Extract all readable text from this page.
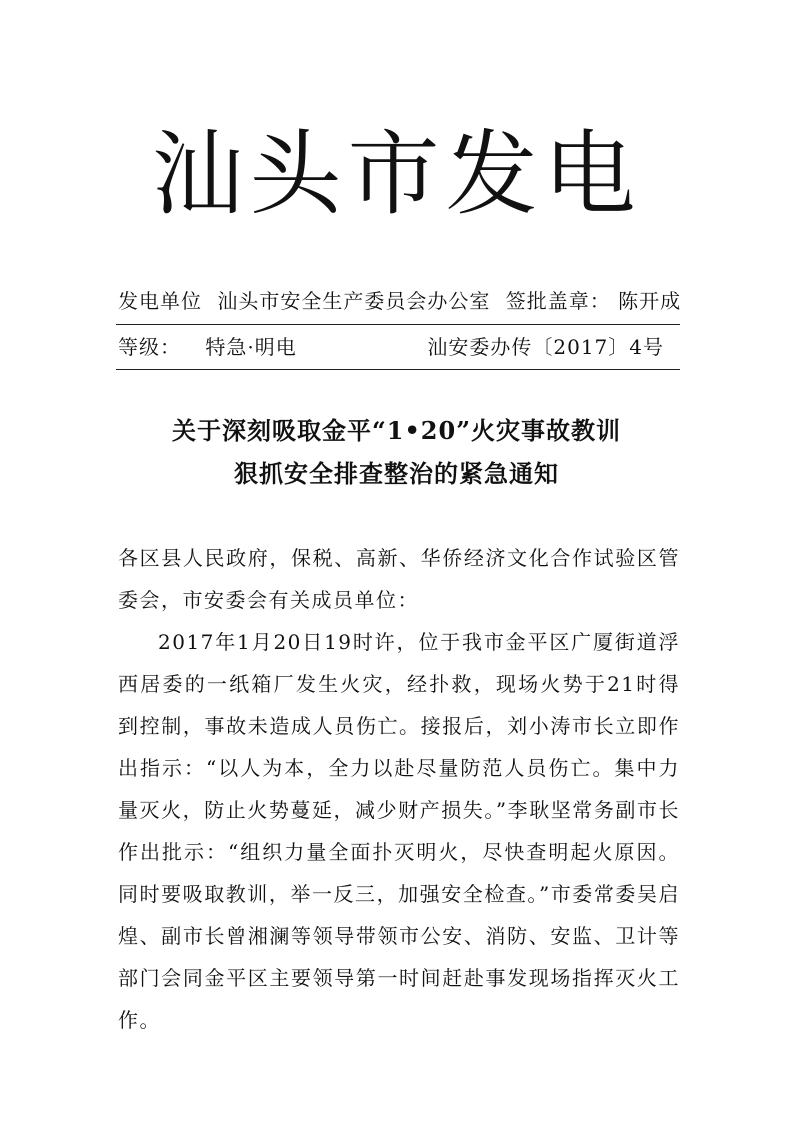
汕头市发电
发电单位 汕头市安全生产委员会办公室 签批盖章： 陈开成
等级： 特急·明电	汕安委办传〔2017〕4号
关于深刻吸取金平“1•20”火灾事故教训
狠抓安全排查整治的紧急通知

各区县人民政府，保税、高新、华侨经济文化合作试验区管委会，市安委会有关成员单位：

2017年1月20日19时许，位于我市金平区广厦街道浮西居委的一纸箱厂发生火灾，经扑救，现场火势于21时得到控制，事故未造成人员伤亡。接报后，刘小涛市长立即作出指示：“以人为本，全力以赴尽量防范人员伤亡。集中力量灭火，防止火势蔓延，减少财产损失。”李耿坚常务副市长作出批示：“组织力量全面扑灭明火，尽快查明起火原因。同时要吸取教训，举一反三，加强安全检查。”市委常委吴启煌、副市长曾湘澜等领导带领市公安、消防、安监、卫计等部门会同金平区主要领导第一时间赶赴事发现场指挥灭火工作。
